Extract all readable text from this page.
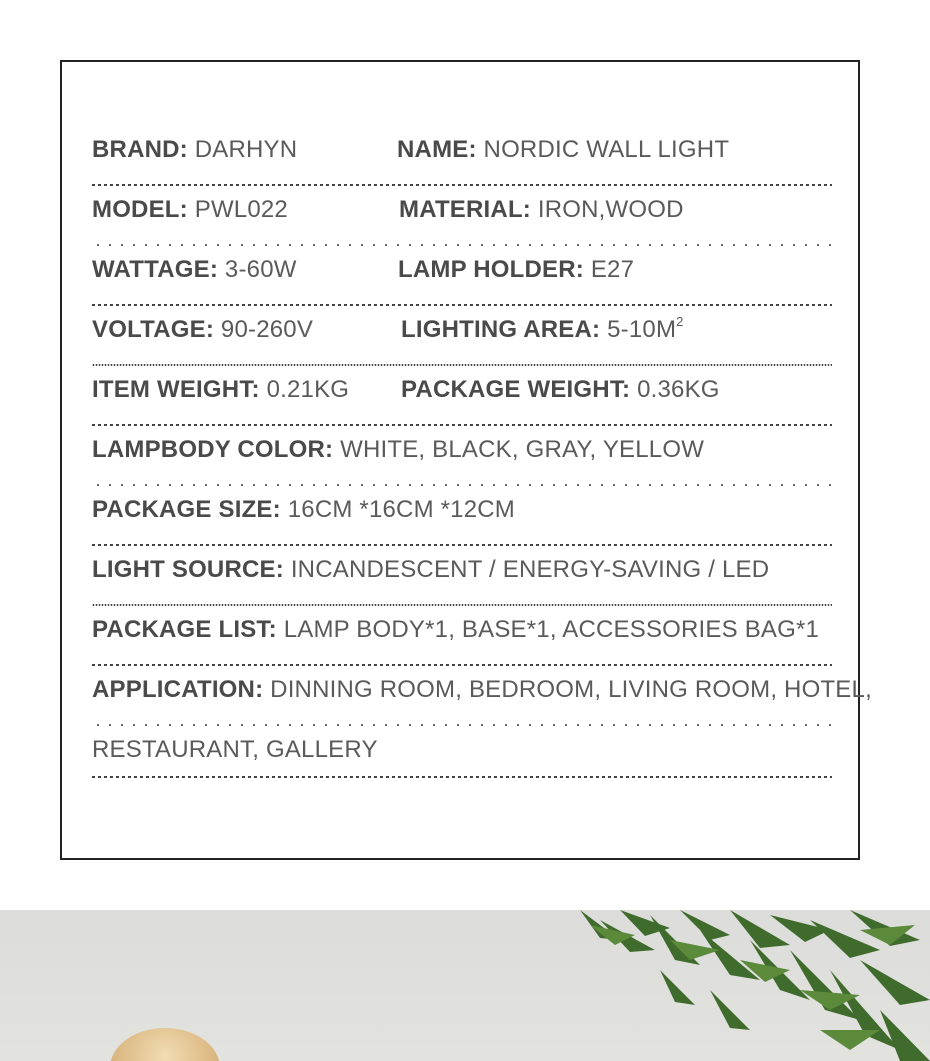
BRAND: DARHYN	NAME: NORDIC WALL LIGHT
MODEL: PWL022	MATERIAL: IRON,WOOD
WATTAGE: 3-60W	LAMP HOLDER: E27
VOLTAGE: 90-260V	LIGHTING AREA: $5-10M^2$
ITEM WEIGHT: 0.21KG PACKAGE WEIGHT: 0.36KG
LAMPBODY COLOR: WHITE, BLACK, GRAY, YELLOW
PACKAGE SIZE: 16CM *16CM *12CM
LIGHT SOURCE: INCANDESCENT / ENERGY-SAVING / LED
PACKAGE LIST: LAMP BODY*1, BASE*1, ACCESSORIES BAG*1
APPLICATION: DINNING ROOM, BEDROOM, LIVING ROOM, HOTEL,
RESTAURANT, GALLERY
